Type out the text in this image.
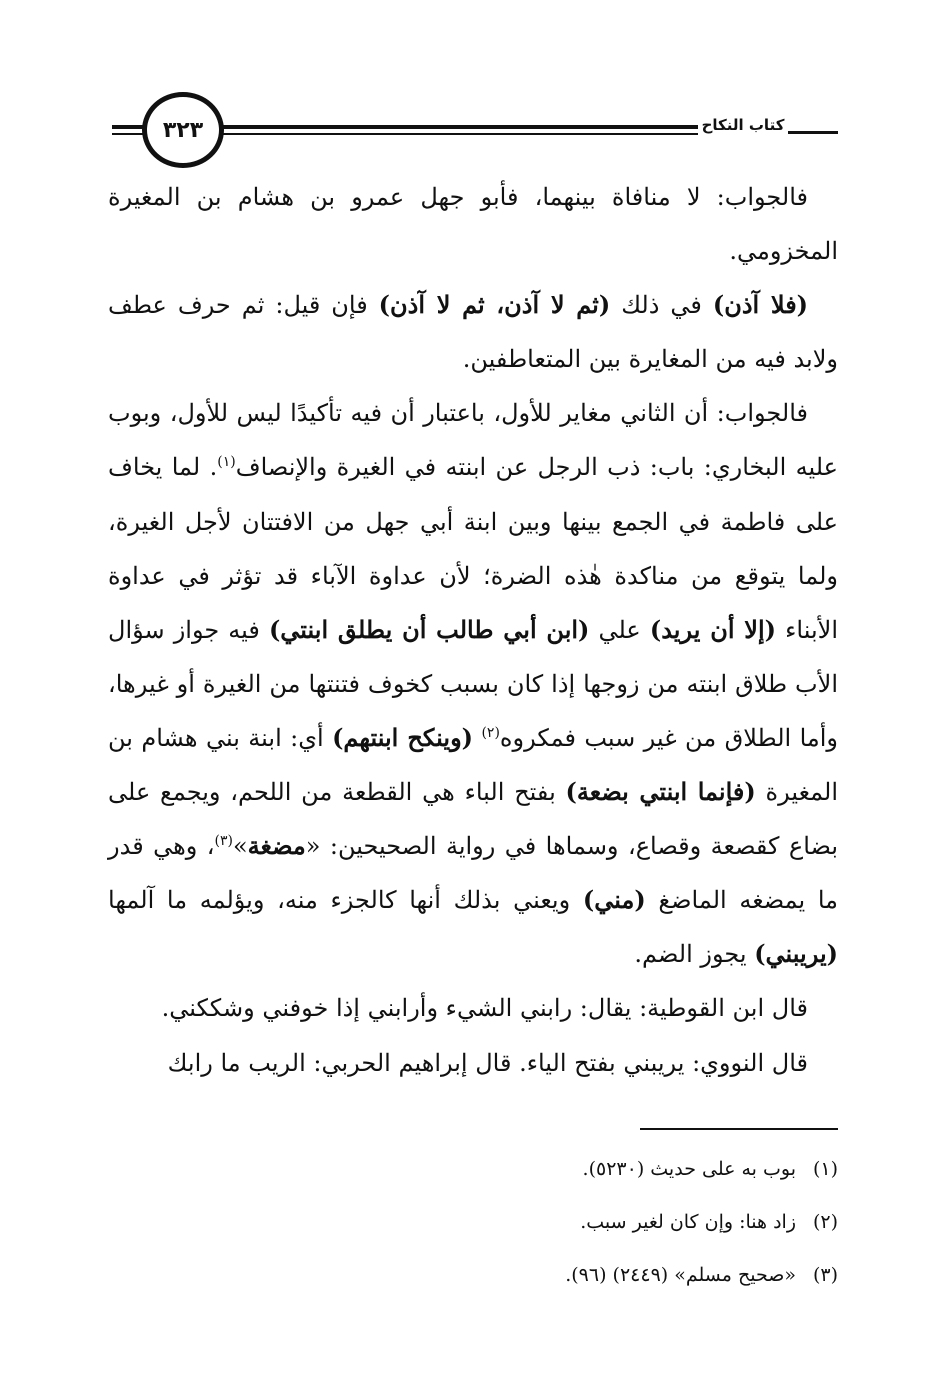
٣٢٣	كتاب النكاح

فالجواب: لا منافاة بينهما، فأبو جهل عمرو بن هشام بن المغيرة المخزومي.

(فلا آذن) في ذلك (ثم لا آذن، ثم لا آذن) فإن قيل: ثم حرف عطف ولابد فيه من المغايرة بين المتعاطفين.

فالجواب: أن الثاني مغاير للأول، باعتبار أن فيه تأكيدًا ليس للأول، وبوب عليه البخاري: باب: ذب الرجل عن ابنته في الغيرة والإنصاف$^{(١)}$. لما يخاف على فاطمة في الجمع بينها وبين ابنة أبي جهل من الافتتان لأجل الغيرة، ولما يتوقع من مناكدة هٰذه الضرة؛ لأن عداوة الآباء قد تؤثر في عداوة الأبناء (إلا أن يريد) علي (ابن أبي طالب أن يطلق ابنتي) فيه جواز سؤال الأب طلاق ابنته من زوجها إذا كان بسبب كخوف فتنتها من الغيرة أو غيرها، وأما الطلاق من غير سبب فمكروه$^{(٢)}$ (وينكح ابنتهم) أي: ابنة بني هشام بن المغيرة (فإنما ابنتي بضعة) بفتح الباء هي القطعة من اللحم، ويجمع على بضاع كقصعة وقصاع، وسماها في رواية الصحيحين: «مضغة»$^{(٣)}$، وهي قدر ما يمضغه الماضغ (مني) ويعني بذلك أنها كالجزء منه، ويؤلمه ما آلمها (يريبني) يجوز الضم.

قال ابن القوطية: يقال: رابني الشيء وأرابني إذا خوفني وشككني.

قال النووي: يريبني بفتح الياء. قال إبراهيم الحربي: الريب ما رابك

(١)بوب به على حديث (٥٢٣٠).

(٢)زاد هنا: وإن كان لغير سبب.

(٣)«صحيح مسلم» (٢٤٤٩) (٩٦).
